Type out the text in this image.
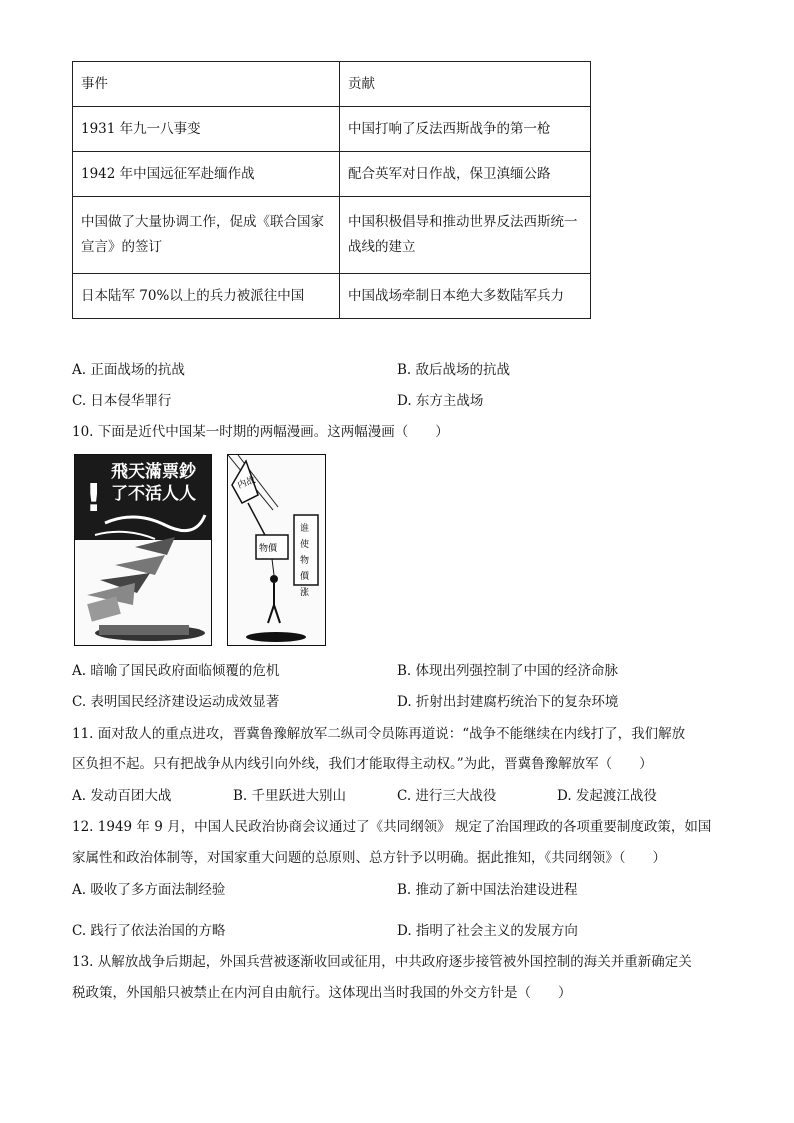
事件	贡献
1931 年九一八事变	中国打响了反法西斯战争的第一枪
1942 年中国远征军赴缅作战	配合英军对日作战，保卫滇缅公路
中国做了大量协调工作，促成《联合国家宣言》的签订	中国积极倡导和推动世界反法西斯统一战线的建立
日本陆军 70%以上的兵力被派往中国	中国战场牵制日本绝大多数陆军兵力
A. 正面战场的抗战	B. 敌后战场的抗战
C. 日本侵华罪行	D. 东方主战场
10. 下面是近代中国某一时期的两幅漫画。这两幅漫画（　　）
飛天滿票鈔
了不活人人
!	内战
物價
谁
使
物
價
涨
A. 暗喻了国民政府面临倾覆的危机	B. 体现出列强控制了中国的经济命脉
C. 表明国民经济建设运动成效显著	D. 折射出封建腐朽统治下的复杂环境
11. 面对敌人的重点进攻，晋冀鲁豫解放军二纵司令员陈再道说：“战争不能继续在内线打了，我们解放
区负担不起。只有把战争从内线引向外线，我们才能取得主动权。”为此，晋冀鲁豫解放军（　　）
A. 发动百团大战	B. 千里跃进大别山	C. 进行三大战役	D. 发起渡江战役
12. 1949 年 9 月，中国人民政治协商会议通过了《共同纲领》 规定了治国理政的各项重要制度政策，如国
家属性和政治体制等，对国家重大问题的总原则、总方针予以明确。据此推知，《共同纲领》（　　）
A. 吸收了多方面法制经验	B. 推动了新中国法治建设进程
C. 践行了依法治国的方略	D. 指明了社会主义的发展方向
13. 从解放战争后期起，外国兵营被逐渐收回或征用，中共政府逐步接管被外国控制的海关并重新确定关
税政策，外国船只被禁止在内河自由航行。这体现出当时我国的外交方针是（　　）
